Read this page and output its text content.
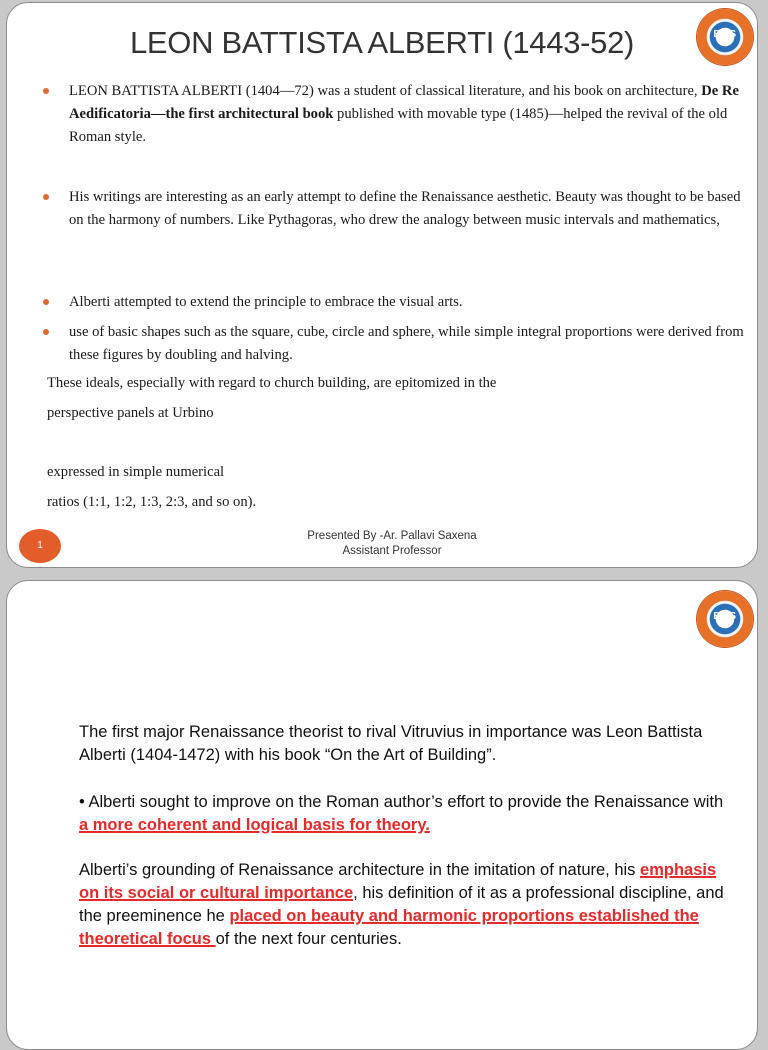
LEON BATTISTA ALBERTI (1443-52)	BGS
LEON BATTISTA ALBERTI (1404—72) was a student of classical literature, and his book on architecture, De Re Aedificatoria—the first architectural book published with movable type (1485)—helped the revival of the old Roman style.
His writings are interesting as an early attempt to define the Renaissance aesthetic. Beauty was thought to be based on the harmony of numbers. Like Pythagoras, who drew the analogy between music intervals and mathematics,
Alberti attempted to extend the principle to embrace the visual arts.
use of basic shapes such as the square, cube, circle and sphere, while simple integral proportions were derived from these figures by doubling and halving.
These ideals, especially with regard to church building, are epitomized in the
perspective panels at Urbino
expressed in simple numerical
ratios (1:1, 1:2, 1:3, 2:3, and so on).
1
Presented By -Ar. Pallavi Saxena
Assistant Professor
BGS
The first major Renaissance theorist to rival Vitruvius in importance was Leon Battista Alberti (1404-1472) with his book “On the Art of Building”.
• Alberti sought to improve on the Roman author’s effort to provide the Renaissance with a more coherent and logical basis for theory.
Alberti’s grounding of Renaissance architecture in the imitation of nature, his emphasis on its social or cultural importance, his definition of it as a professional discipline, and the preeminence he placed on beauty and harmonic proportions established the theoretical focus of the next four centuries.
